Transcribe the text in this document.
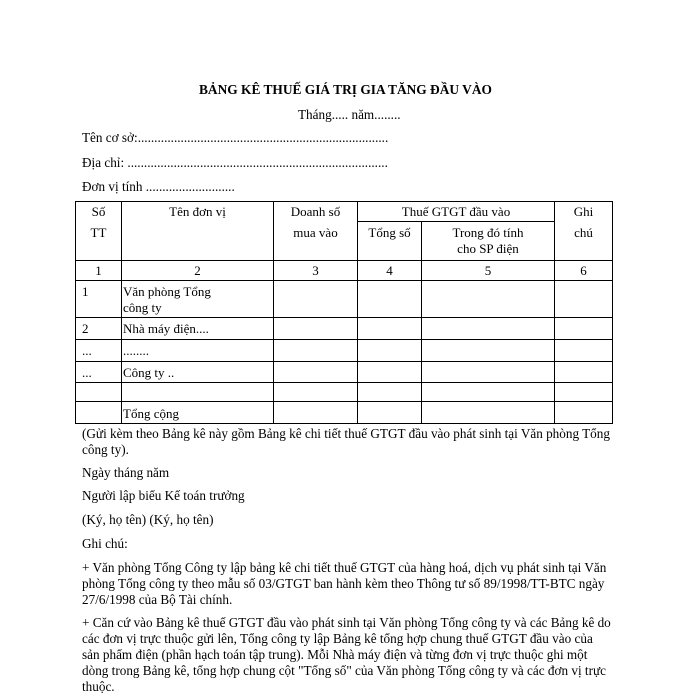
BẢNG KÊ THUẾ GIÁ TRỊ GIA TĂNG ĐẦU VÀO
Tháng..... năm........
Tên cơ sở:............................................................................
Địa chỉ: ...............................................................................
Đơn vị tính ...........................
Số	Tên đơn vị	Doanh số	Thuế GTGT đầu vào		Ghi
TT		mua vào	Tổng số	Trong đó tính cho SP điện	chú
1	2	3	4	5	6
1	Văn phòng Tổng công ty				
2	Nhà máy điện....				
...	........				
...	Công ty ..				

	Tổng cộng				
(Gửi kèm theo Bảng kê này gồm Bảng kê chi tiết thuế GTGT đầu vào phát sinh tại Văn phòng Tổng công ty).
Ngày tháng năm
Người lập biểu Kế toán trưởng
(Ký, họ tên) (Ký, họ tên)
Ghi chú:
+ Văn phòng Tổng Công ty lập bảng kê chi tiết thuế GTGT của hàng hoá, dịch vụ phát sinh tại Văn phòng Tổng công ty theo mẫu số 03/GTGT ban hành kèm theo Thông tư số 89/1998/TT-BTC ngày 27/6/1998 của Bộ Tài chính.
+ Căn cứ vào Bảng kê thuế GTGT đầu vào phát sinh tại Văn phòng Tổng công ty và các Bảng kê do các đơn vị trực thuộc gửi lên, Tổng công ty lập Bảng kê tổng hợp chung thuế GTGT đầu vào của sản phẩm điện (phần hạch toán tập trung). Mỗi Nhà máy điện và từng đơn vị trực thuộc ghi một dòng trong Bảng kê, tổng hợp chung cột "Tổng số" của Văn phòng Tổng công ty và các đơn vị trực thuộc.
